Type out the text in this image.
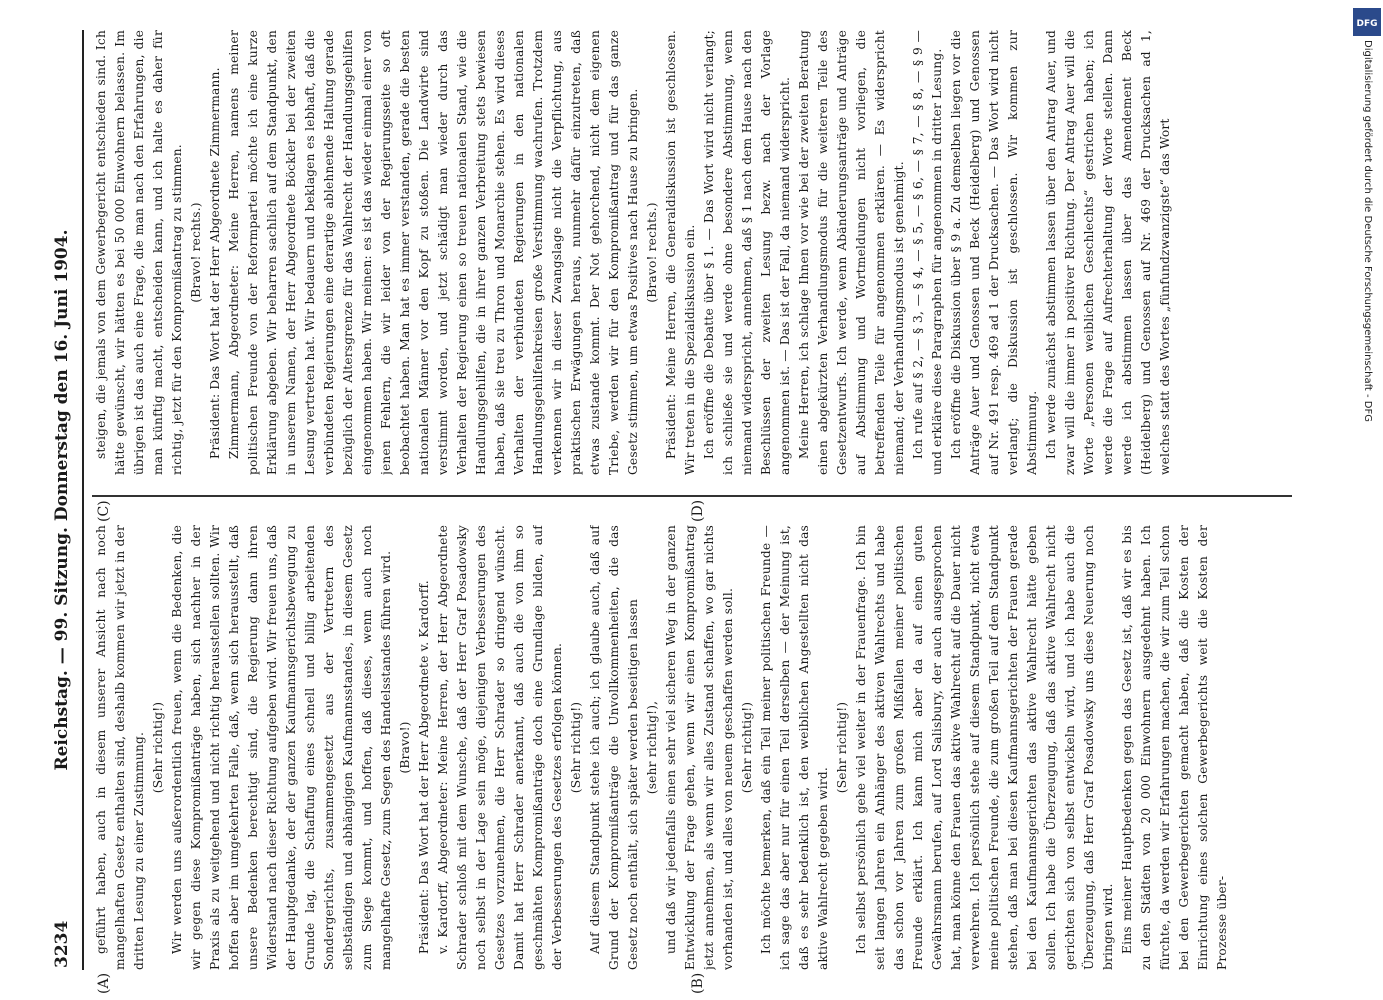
3234
Reichstag. — 99. Sitzung. Donnerstag den 16. Juni 1904.
(A)	(B)
(C)	(D)

geführt haben, auch in diesem unserer Ansicht nach noch mangelhaften Gesetz enthalten sind, deshalb kommen wir jetzt in der dritten Lesung zu einer Zustimmung. (Sehr richtig!) Wir werden uns außerordentlich freuen, wenn die Bedenken, die wir gegen diese Kompromißanträge haben, sich nachher in der Praxis als zu weitgehend und nicht richtig herausstellen sollten. Wir hoffen aber im umgekehrten Falle, daß, wenn sich herausstellt, daß unsere Bedenken berechtigt sind, die Regierung dann ihren Widerstand nach dieser Richtung aufgeben wird. Wir freuen uns, daß der Hauptgedanke, der der ganzen Kaufmannsgerichtsbewegung zu Grunde lag, die Schaffung eines schnell und billig arbeitenden Sondergerichts, zusammengesetzt aus der Vertretern des selbständigen und abhängigen Kaufmannsstandes, in diesem Gesetz zum Siege kommt, und hoffen, daß dieses, wenn auch noch mangelhafte Gesetz, zum Segen des Handelsstandes führen wird. (Bravo!) Präsident: Das Wort hat der Herr Abgeordnete v. Kardorff. v. Kardorff, Abgeordneter: Meine Herren, der Herr Abgeordnete Schrader schloß mit dem Wunsche, daß der Herr Graf Posadowsky noch selbst in der Lage sein möge, diejenigen Verbesserungen des Gesetzes vorzunehmen, die Herr Schrader so dringend wünscht. Damit hat Herr Schrader anerkannt, daß auch die von ihm so geschmähten Kompromißanträge doch eine Grundlage bilden, auf der Verbesserungen des Gesetzes erfolgen können. (Sehr richtig!) Auf diesem Standpunkt stehe ich auch; ich glaube auch, daß auf Grund der Kompromißanträge die Unvollkommenheiten, die das Gesetz noch enthält, sich später werden beseitigen lassen (sehr richtig!), und daß wir jedenfalls einen sehr viel sicheren Weg in der ganzen Entwicklung der Frage gehen, wenn wir einen Kompromißantrag jetzt annehmen, als wenn wir alles Zustand schaffen, wo gar nichts vorhanden ist, und alles von neuem geschaffen werden soll. (Sehr richtig!) Ich möchte bemerken, daß ein Teil meiner politischen Freunde — ich sage das aber nur für einen Teil derselben — der Meinung ist, daß es sehr bedenklich ist, den weiblichen Angestellten nicht das aktive Wahlrecht gegeben wird.

(Sehr richtig!) Ich selbst persönlich gehe viel weiter in der Frauenfrage. Ich bin seit langen Jahren ein Anhänger des aktiven Wahlrechts und habe das schon vor Jahren zum großen Mißfallen meiner politischen Freunde erklärt. Ich kann mich aber da auf einen guten Gewährsmann berufen, auf Lord Salisbury, der auch ausgesprochen hat, man könne den Frauen das aktive Wahlrecht auf die Dauer nicht verwehren. Ich persönlich stehe auf diesem Standpunkt, nicht etwa meine politischen Freunde, die zum großen Teil auf dem Standpunkt stehen, daß man bei diesen Kaufmannsgerichten der Frauen gerade bei den Kaufmannsgerichten das aktive Wahlrecht hätte geben sollen. Ich habe die Überzeugung, daß das aktive Wahlrecht nicht gerichten sich von selbst entwickeln wird, und ich habe auch die Überzeugung, daß Herr Graf Posadowsky uns diese Neuerung noch bringen wird. Eins meiner Hauptbedenken gegen das Gesetz ist, daß wir es bis zu den Städten von 20 000 Einwohnern ausgedehnt haben. Ich fürchte, da werden wir Erfahrungen machen, die wir zum Teil schon bei den Gewerbegerichten gemacht haben, daß die Kosten der Einrichtung eines solchen Gewerbegerichts weit die Kosten der Prozesse über-

steigen, die jemals von dem Gewerbegericht entschieden sind. Ich hätte gewünscht, wir hätten es bei 50 000 Einwohnern belassen. Im übrigen ist das auch eine Frage, die man nach den Erfahrungen, die man künftig macht, entscheiden kann, und ich halte es daher für richtig, jetzt für den Kompromißantrag zu stimmen. (Bravo! rechts.) Präsident: Das Wort hat der Herr Abgeordnete Zimmermann. Zimmermann, Abgeordneter: Meine Herren, namens meiner politischen Freunde von der Reformpartei möchte ich eine kurze Erklärung abgeben. Wir beharren sachlich auf dem Standpunkt, den in unserem Namen, der Herr Abgeordnete Böckler bei der zweiten Lesung vertreten hat. Wir bedauern und beklagen es lebhaft, daß die verbündeten Regierungen eine derartige ablehnende Haltung gerade bezüglich der Altersgrenze für das Wahlrecht der Handlungsgehilfen eingenommen haben. Wir meinen: es ist das wieder einmal einer von jenen Fehlern, die wir leider von der Regierungsseite so oft beobachtet haben. Man hat es immer verstanden, gerade die besten nationalen Männer vor den Kopf zu stoßen. Die Landwirte sind verstimmt worden, und jetzt schädigt man wieder durch das Verhalten der Regierung einen so treuen nationalen Stand, wie die Handlungsgehilfen, die in ihrer ganzen Verbreitung stets bewiesen haben, daß sie treu zu Thron und Monarchie stehen. Es wird dieses Verhalten der verbündeten Regierungen in den nationalen Handlungsgehilfenkreisen große Verstimmung wachrufen. Trotzdem verkennen wir in dieser Zwangslage nicht die Verpflichtung, aus praktischen Erwägungen heraus, nunmehr dafür einzutreten, daß etwas zustande kommt. Der Not gehorchend, nicht dem eigenen Triebe, werden wir für den Kompromißantrag und für das ganze Gesetz stimmen, um etwas Positives nach Hause zu bringen. (Bravo! rechts.) Präsident: Meine Herren, die Generaldiskussion ist geschlossen. Wir treten in die Spezialdiskussion ein. Ich eröffne die Debatte über § 1. — Das Wort wird nicht verlangt; ich schließe sie und werde ohne besondere Abstimmung, wenn niemand widerspricht, annehmen, daß § 1 nach dem Hause nach den Beschlüssen der zweiten Lesung bezw. nach der Vorlage angenommen ist. — Das ist der Fall, da niemand widerspricht. Meine Herren, ich schlage Ihnen vor wie bei der zweiten Beratung einen abgekürzten Verhandlungsmodus für die weiteren Teile des Gesetzentwurfs. Ich werde, wenn Abänderungsanträge und Anträge auf Abstimmung und Wortmeldungen nicht vorliegen, die betreffenden Teile für angenommen erklären. — Es widerspricht niemand; der Verhandlungsmodus ist genehmigt. Ich rufe auf § 2, — § 3, — § 4, — § 5, — § 6, — § 7, — § 8, — § 9 — und erkläre diese Paragraphen für angenommen in dritter Lesung. Ich eröffne die Diskussion über § 9 a. Zu demselben liegen vor die Anträge Auer und Genossen und Beck (Heidelberg) und Genossen auf Nr. 491 resp. 469 ad 1 der Drucksachen. — Das Wort wird nicht verlangt; die Diskussion ist geschlossen. Wir kommen zur Abstimmung. Ich werde zunächst abstimmen lassen über den Antrag Auer, und zwar will die immer in positiver Richtung. Der Antrag Auer will die Worte „Personen weiblichen Geschlechts“ gestrichen haben; ich werde die Frage auf Aufrechterhaltung der Worte stellen. Dann werde ich abstimmen lassen über das Amendement Beck (Heidelberg) und Genossen auf Nr. 469 der Drucksachen ad 1, welches statt des Wortes „fünfundzwanzigste“ das Wort	Digitalisierung gefördert durch die Deutsche Forschungsgemeinschaft - DFG
DFG
